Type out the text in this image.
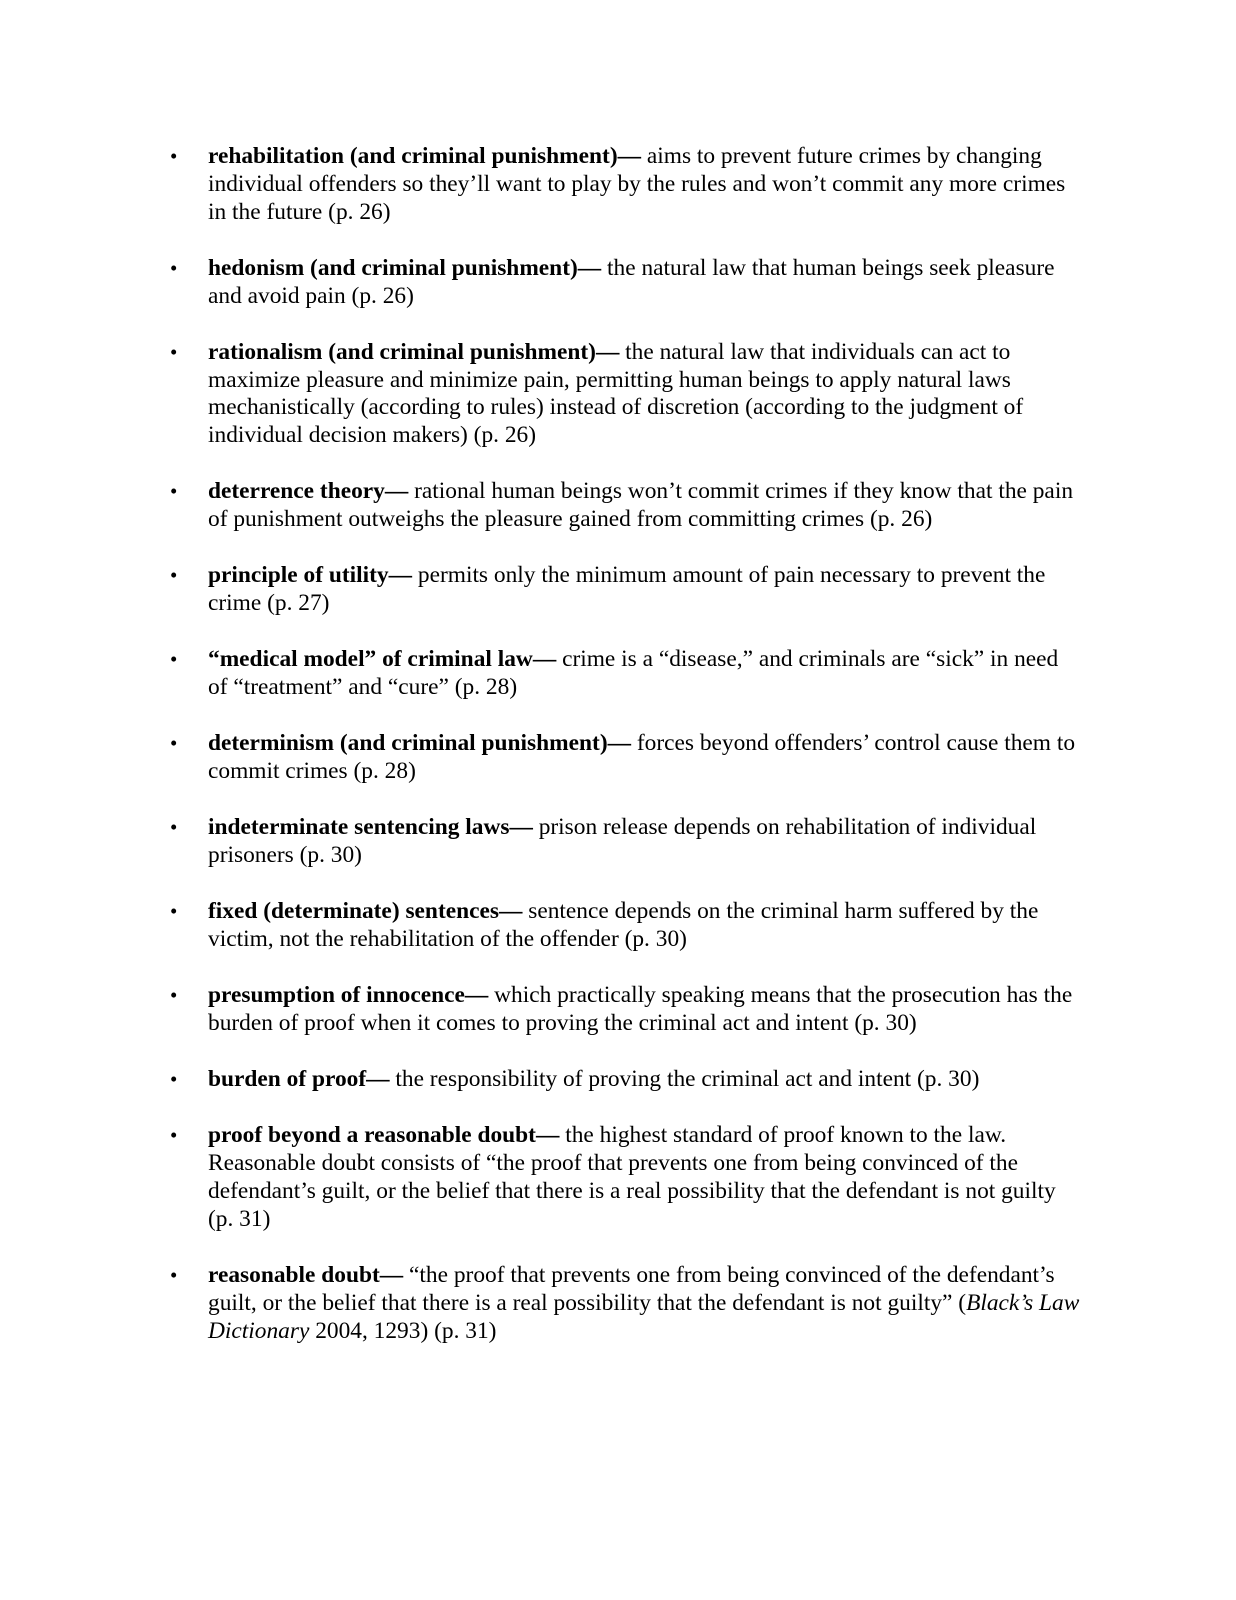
•	rehabilitation (and criminal punishment)— aims to prevent future crimes by changing individual offenders so they’ll want to play by the rules and won’t commit any more crimes in the future (p. 26)
•	hedonism (and criminal punishment)— the natural law that human beings seek pleasure and avoid pain (p. 26)
•	rationalism (and criminal punishment)— the natural law that individuals can act to maximize pleasure and minimize pain, permitting human beings to apply natural laws mechanistically (according to rules) instead of discretion (according to the judgment of individual decision makers) (p. 26)
•	deterrence theory— rational human beings won’t commit crimes if they know that the pain of punishment outweighs the pleasure gained from committing crimes (p. 26)
•	principle of utility— permits only the minimum amount of pain necessary to prevent the crime (p. 27)
•	“medical model” of criminal law— crime is a “disease,” and criminals are “sick” in need of “treatment” and “cure” (p. 28)
•	determinism (and criminal punishment)— forces beyond offenders’ control cause them to commit crimes (p. 28)
•	indeterminate sentencing laws— prison release depends on rehabilitation of individual prisoners (p. 30)
•	fixed (determinate) sentences— sentence depends on the criminal harm suffered by the victim, not the rehabilitation of the offender (p. 30)
•	presumption of innocence— which practically speaking means that the prosecution has the burden of proof when it comes to proving the criminal act and intent (p. 30)
•	burden of proof— the responsibility of proving the criminal act and intent (p. 30)
•	proof beyond a reasonable doubt— the highest standard of proof known to the law. Reasonable doubt consists of “the proof that prevents one from being convinced of the defendant’s guilt, or the belief that there is a real possibility that the defendant is not guilty (p. 31)
•	reasonable doubt— “the proof that prevents one from being convinced of the defendant’s guilt, or the belief that there is a real possibility that the defendant is not guilty” (Black’s Law Dictionary 2004, 1293) (p. 31)
